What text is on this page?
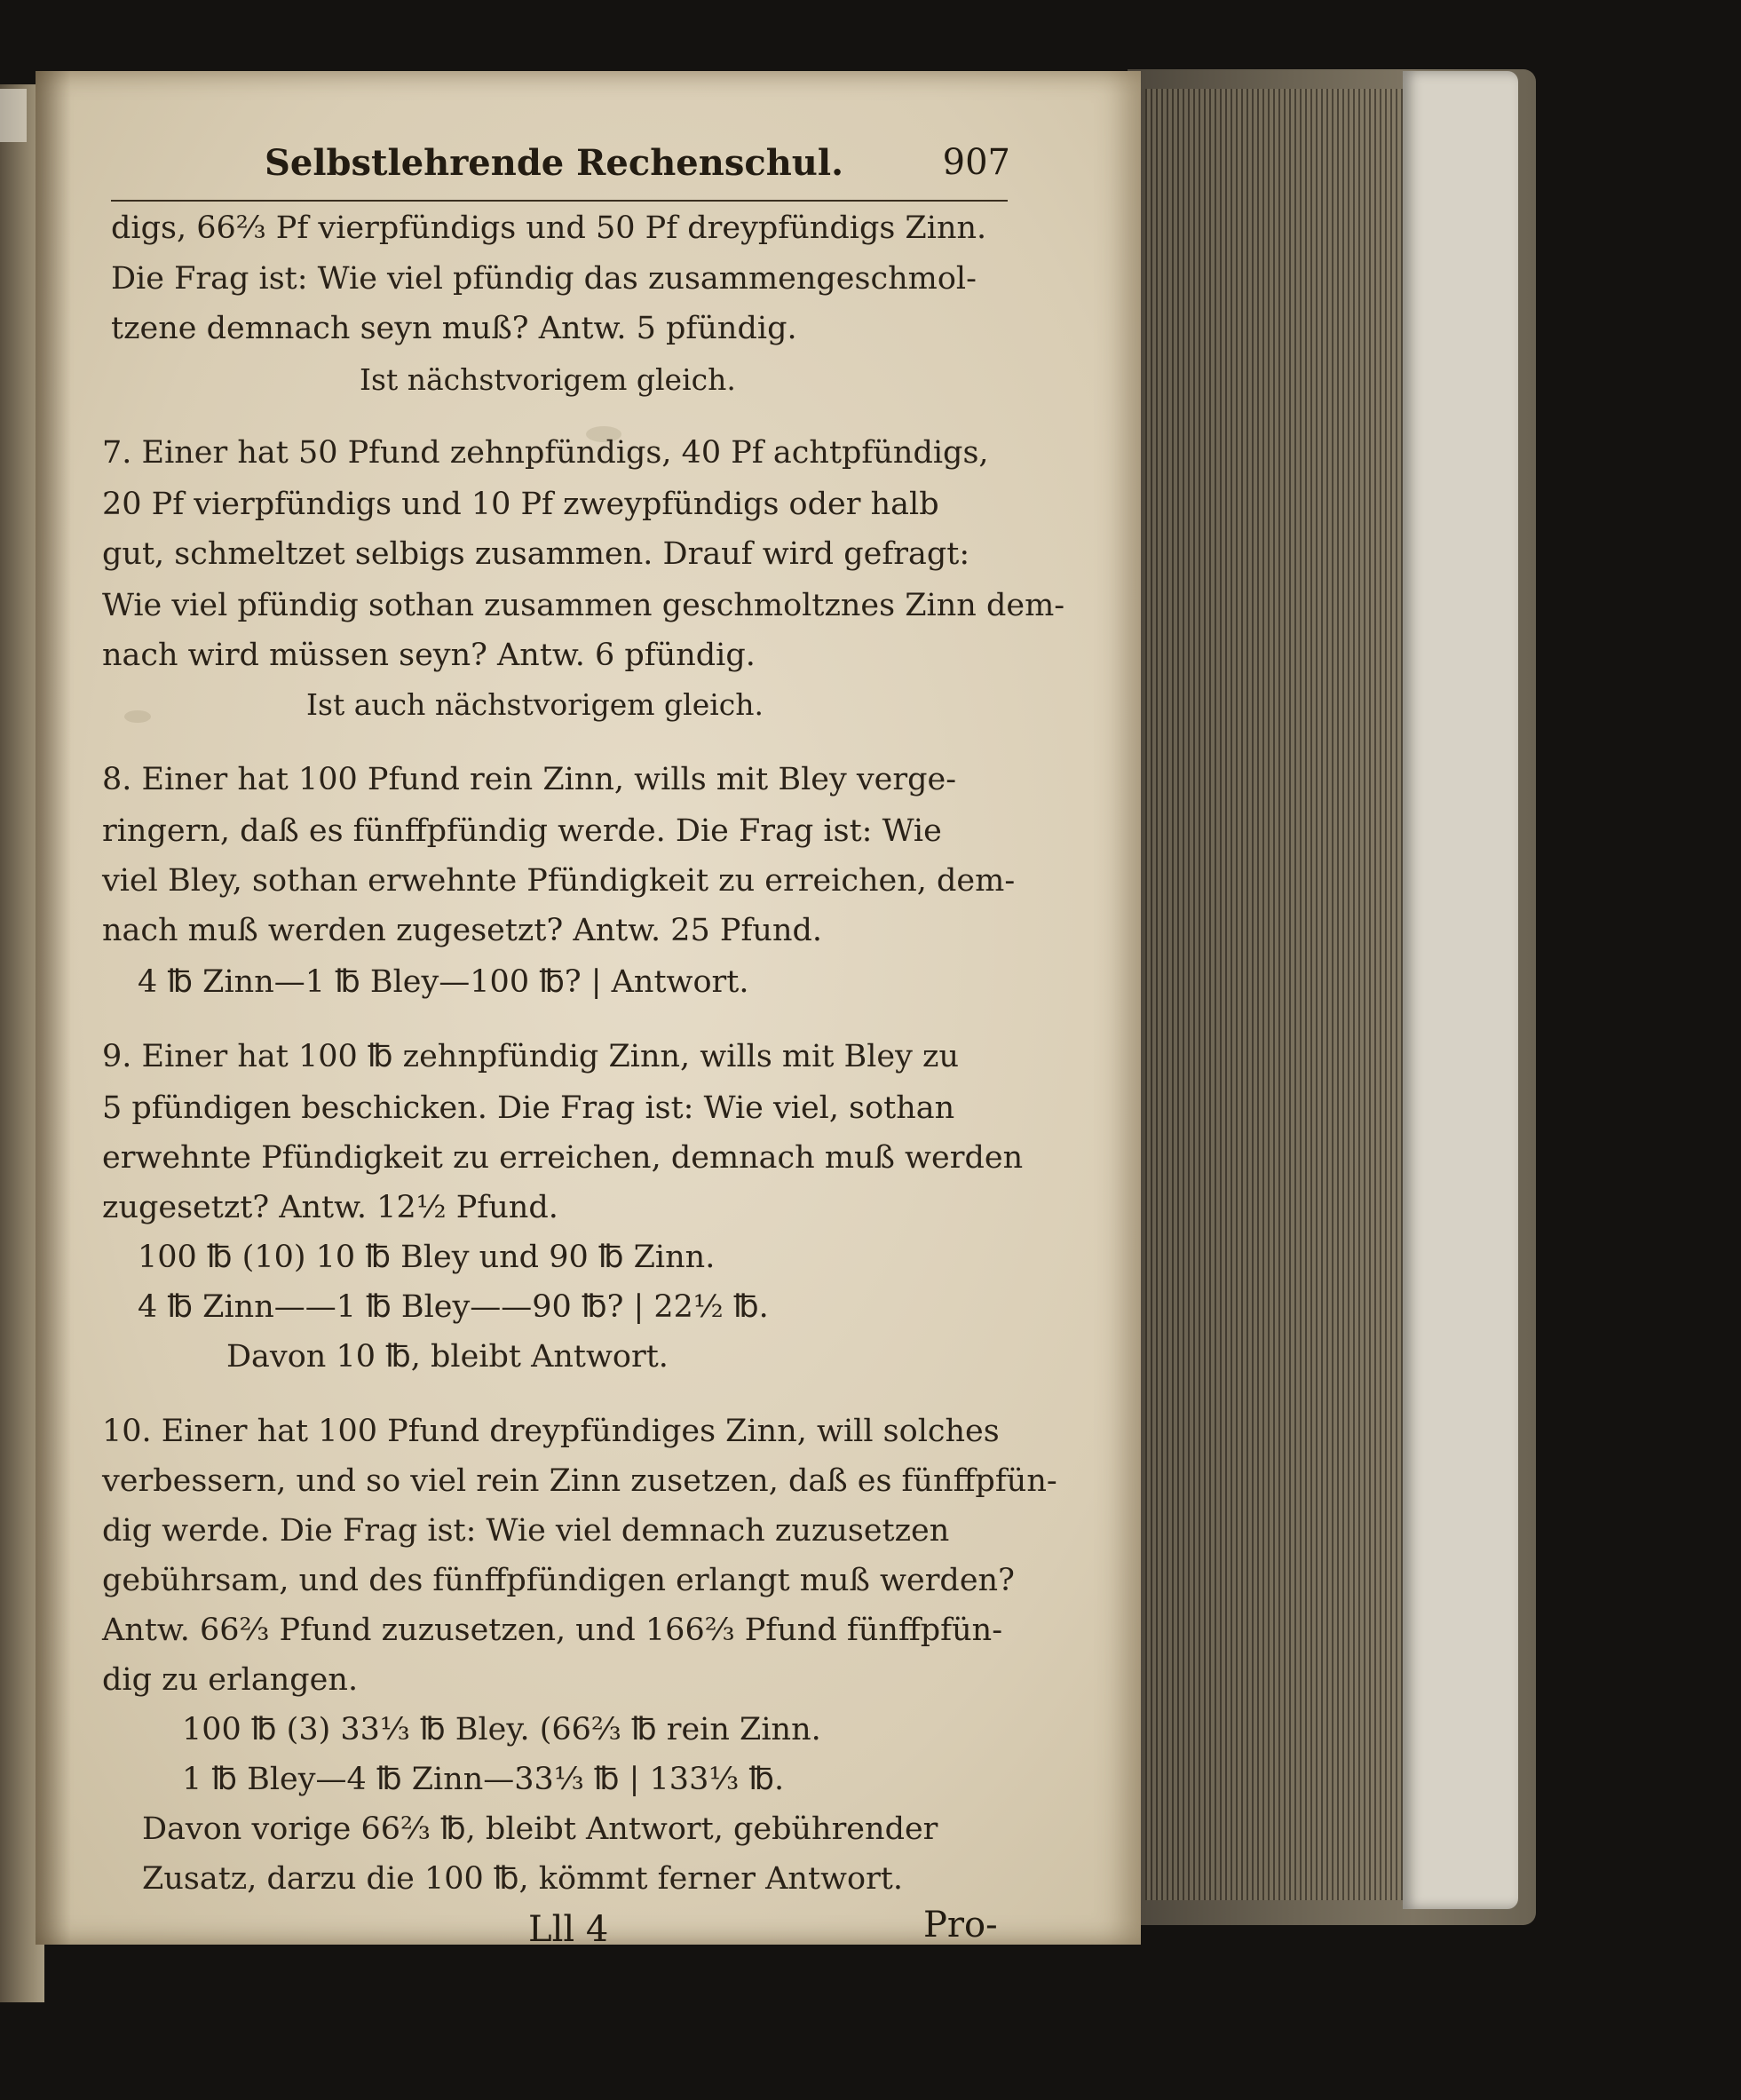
Selbstlehrende Rechenschul.	907
digs, 66⅔ Pf vierpfündigs und 50 Pf dreypfündigs Zinn.
Die Frag ist: Wie viel pfündig das zusammengeschmol-
tzene demnach seyn muß? Antw. 5 pfündig.
Ist nächstvorigem gleich.
7. Einer hat 50 Pfund zehnpfündigs, 40 Pf achtpfündigs,
20 Pf vierpfündigs und 10 Pf zweypfündigs oder halb
gut, schmeltzet selbigs zusammen. Drauf wird gefragt:
Wie viel pfündig sothan zusammen geschmoltznes Zinn dem-
nach wird müssen seyn? Antw. 6 pfündig.
Ist auch nächstvorigem gleich.
8. Einer hat 100 Pfund rein Zinn, wills mit Bley verge-
ringern, daß es fünffpfündig werde. Die Frag ist: Wie
viel Bley, sothan erwehnte Pfündigkeit zu erreichen, dem-
nach muß werden zugesetzt? Antw. 25 Pfund.
4 ℔ Zinn—1 ℔ Bley—100 ℔? | Antwort.
9. Einer hat 100 ℔ zehnpfündig Zinn, wills mit Bley zu
5 pfündigen beschicken. Die Frag ist: Wie viel, sothan
erwehnte Pfündigkeit zu erreichen, demnach muß werden
zugesetzt? Antw. 12½ Pfund.
100 ℔ (10) 10 ℔ Bley und 90 ℔ Zinn.
4 ℔ Zinn——1 ℔ Bley——90 ℔? | 22½ ℔.
Davon 10 ℔, bleibt Antwort.
10. Einer hat 100 Pfund dreypfündiges Zinn, will solches
verbessern, und so viel rein Zinn zusetzen, daß es fünffpfün-
dig werde. Die Frag ist: Wie viel demnach zuzusetzen
gebührsam, und des fünffpfündigen erlangt muß werden?
Antw. 66⅔ Pfund zuzusetzen, und 166⅔ Pfund fünffpfün-
dig zu erlangen.
100 ℔ (3) 33⅓ ℔ Bley. (66⅔ ℔ rein Zinn.
1 ℔ Bley—4 ℔ Zinn—33⅓ ℔ | 133⅓ ℔.
Davon vorige 66⅔ ℔, bleibt Antwort, gebührender
Zusatz, darzu die 100 ℔, kömmt ferner Antwort.
Lll 4	Pro-
